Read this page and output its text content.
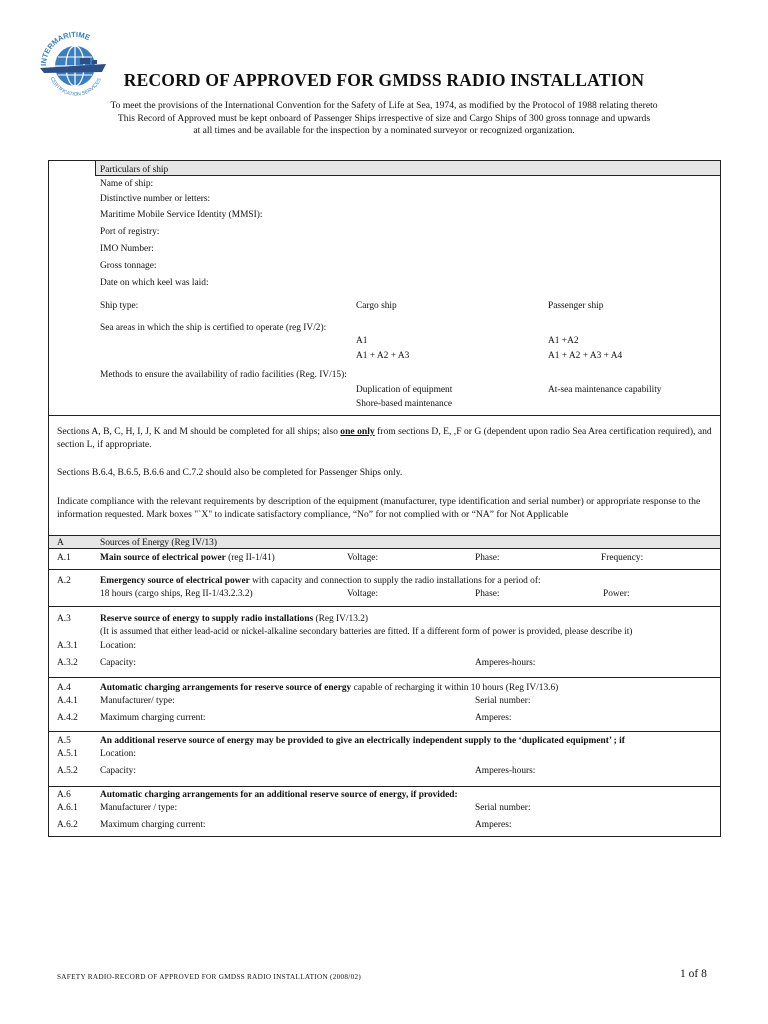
INTERMARITIME
CERTIFICATION SERVICES	RECORD OF APPROVED FOR GMDSS RADIO INSTALLATION
To meet the provisions of the International Convention for the Safety of Life at Sea, 1974, as modified by the Protocol of 1988 relating thereto
This Record of Approved must be kept onboard of Passenger Ships irrespective of size and Cargo Ships of 300 gross tonnage and upwards
at all times and be available for the inspection by a nominated surveyor or recognized organization.
Particulars of ship
Name of ship:
Distinctive number or letters:
Maritime Mobile Service Identity (MMSI):
Port of registry:
IMO Number:
Gross tonnage:
Date on which keel was laid:
Ship type:	Cargo ship	Passenger ship
Sea areas in which the ship is certified to operate (reg IV/2):
A1	A1 +A2
A1 + A2 + A3	A1 + A2 + A3 + A4
Methods to ensure the availability of radio facilities (Reg. IV/15):
Duplication of equipment	At-sea maintenance capability
Shore-based maintenance
Sections A, B, C, H, I, J, K and M should be completed for all ships; also one only from sections D, E, ,F or G (dependent upon radio Sea Area certification required), and section L, if appropriate.
Sections B.6.4, B.6.5, B.6.6 and C.7.2 should also be completed for Passenger Ships only.
Indicate compliance with the relevant requirements by description of the equipment (manufacturer, type identification and serial number) or appropriate response to the information requested. Mark boxes "`X" to indicate satisfactory compliance, “No” for not complied with or “NA” for Not Applicable
A	Sources of Energy (Reg IV/13)
A.1	Main source of electrical power (reg II-1/41)	Voltage:	Phase:	Frequency:
A.2	Emergency source of electrical power with capacity and connection to supply the radio installations for a period of:
18 hours (cargo ships, Reg II-1/43.2.3.2)	Voltage:	Phase:	Power:
A.3	Reserve source of energy to supply radio installations (Reg IV/13.2)
(It is assumed that either lead-acid or nickel-alkaline secondary batteries are fitted. If a different form of power is provided, please describe it)
A.3.1 Location:
A.3.2 Capacity:	Amperes-hours:
A.4	Automatic charging arrangements for reserve source of energy capable of recharging it within 10 hours (Reg IV/13.6)
A.4.1 Manufacturer/ type:	Serial number:
A.4.2 Maximum charging current:	Amperes:
A.5	An additional reserve source of energy may be provided to give an electrically independent supply to the ‘duplicated equipment’ ; if
A.5.1 Location:
A.5.2 Capacity:	Amperes-hours:
A.6	Automatic charging arrangements for an additional reserve source of energy, if provided:
A.6.1 Manufacturer / type:	Serial number:
A.6.2 Maximum charging current:	Amperes:
SAFETY RADIO-RECORD OF APPROVED FOR GMDSS RADIO INSTALLATION (2008/02)	1 of 8
